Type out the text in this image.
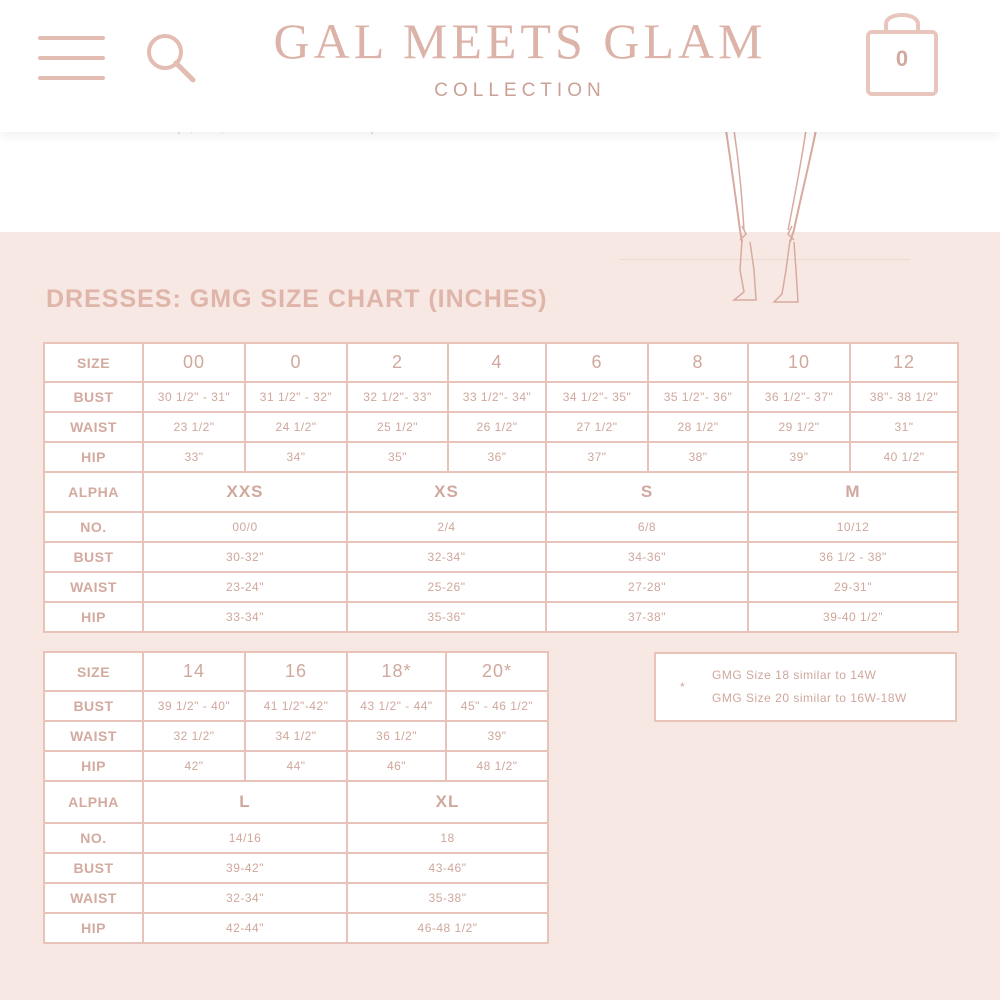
GAL MEETS GLAM
COLLECTION
0
DRESSES: GMG SIZE CHART (INCHES)
SIZE	00	0	2	4	6	8	10	12
BUST	30 1/2" - 31"	31 1/2" - 32"	32 1/2"- 33"	33 1/2"- 34"	34 1/2"- 35"	35 1/2"- 36"	36 1/2"- 37"	38"- 38 1/2"
WAIST	23 1/2"	24 1/2"	25 1/2"	26 1/2"	27 1/2"	28 1/2"	29 1/2"	31"
HIP	33"	34"	35"	36"	37"	38"	39"	40 1/2"
ALPHA	XXS		XS		S		M	
NO.	00/0		2/4		6/8		10/12	
BUST	30-32"		32-34"		34-36"		36 1/2 - 38"	
WAIST	23-24"		25-26"		27-28"		29-31"	
HIP	33-34"		35-36"		37-38"		39-40 1/2"	
SIZE	14	16	18*	20*
BUST	39 1/2" - 40"	41 1/2"-42"	43 1/2" - 44"	45" - 46 1/2"
WAIST	32 1/2"	34 1/2"	36 1/2"	39"
HIP	42"	44"	46"	48 1/2"
ALPHA	L		XL	
NO.	14/16		18	
BUST	39-42"		43-46"	
WAIST	32-34"		35-38"	
HIP	42-44"		46-48 1/2"	
*
GMG Size 18 similar to 14W
GMG Size 20 similar to 16W-18W
